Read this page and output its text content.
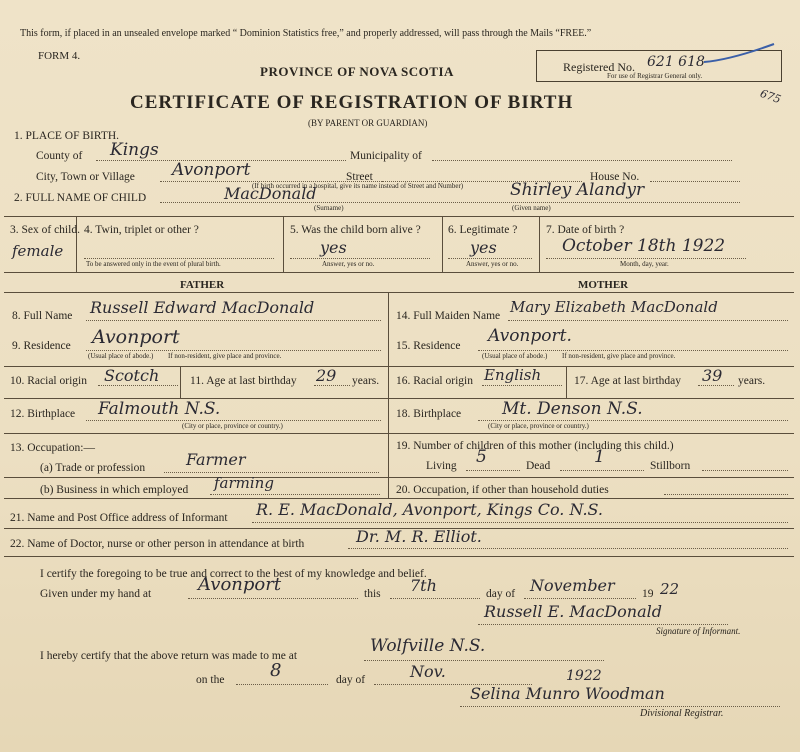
This form, if placed in an unsealed envelope marked “ Dominion Statistics free,” and properly addressed, will pass through the Mails “FREE.”
FORM 4.
PROVINCE OF NOVA SCOTIA
CERTIFICATE OF REGISTRATION OF BIRTH
(BY PARENT OR GUARDIAN)
Registered No. 621 618
For use of Registrar General only.
675
1. PLACE OF BIRTH.
County of Kings	Municipality of
City, Town or Village Avonport	Street	House No.
(If birth occurred in a hospital, give its name instead of Street and Number)
2. FULL NAME OF CHILD	MacDonald	Shirley Alandyr
(Surname)	(Given name)
3. Sex of child.
female
4. Twin, triplet or other ?
To be answered only in the event of plural birth.
5. Was the child born alive ?
yes
Answer, yes or no.
6. Legitimate ?
yes
Answer, yes or no.
7. Date of birth ?
October 18th 1922
Month, day, year.
FATHER	MOTHER
8. Full Name Russell Edward MacDonald
9. Residence Avonport
(Usual place of abode.) If non-resident, give place and province.
10. Racial origin Scotch	11. Age at last birthday 29 years.
12. Birthplace Falmouth N.S.
(City or place, province or country.)
13. Occupation:—
(a) Trade or profession	Farmer
(b) Business in which employed farming
14. Full Maiden Name Mary Elizabeth MacDonald
15. Residence Avonport.
(Usual place of abode.) If non-resident, give place and province.
16. Racial origin English	17. Age at last birthday 39 years.
18. Birthplace Mt. Denson N.S.
(City or place, province or country.)
19. Number of children of this mother (including this child.)
Living 5	Dead	1	Stillborn
20. Occupation, if other than household duties
21. Name and Post Office address of Informant R. E. MacDonald, Avonport, Kings Co. N.S.
22. Name of Doctor, nurse or other person in attendance at birth	Dr. M. R. Elliot.
I certify the foregoing to be true and correct to the best of my knowledge and belief.
Given under my hand at	Avonport	this 7th	day of November 19 22
Russell E. MacDonald
Signature of Informant.
I hereby certify that the above return was made to me at	Wolfville N.S.
on the	8	day of	Nov.	1922
Selina Munro Woodman
Divisional Registrar.
